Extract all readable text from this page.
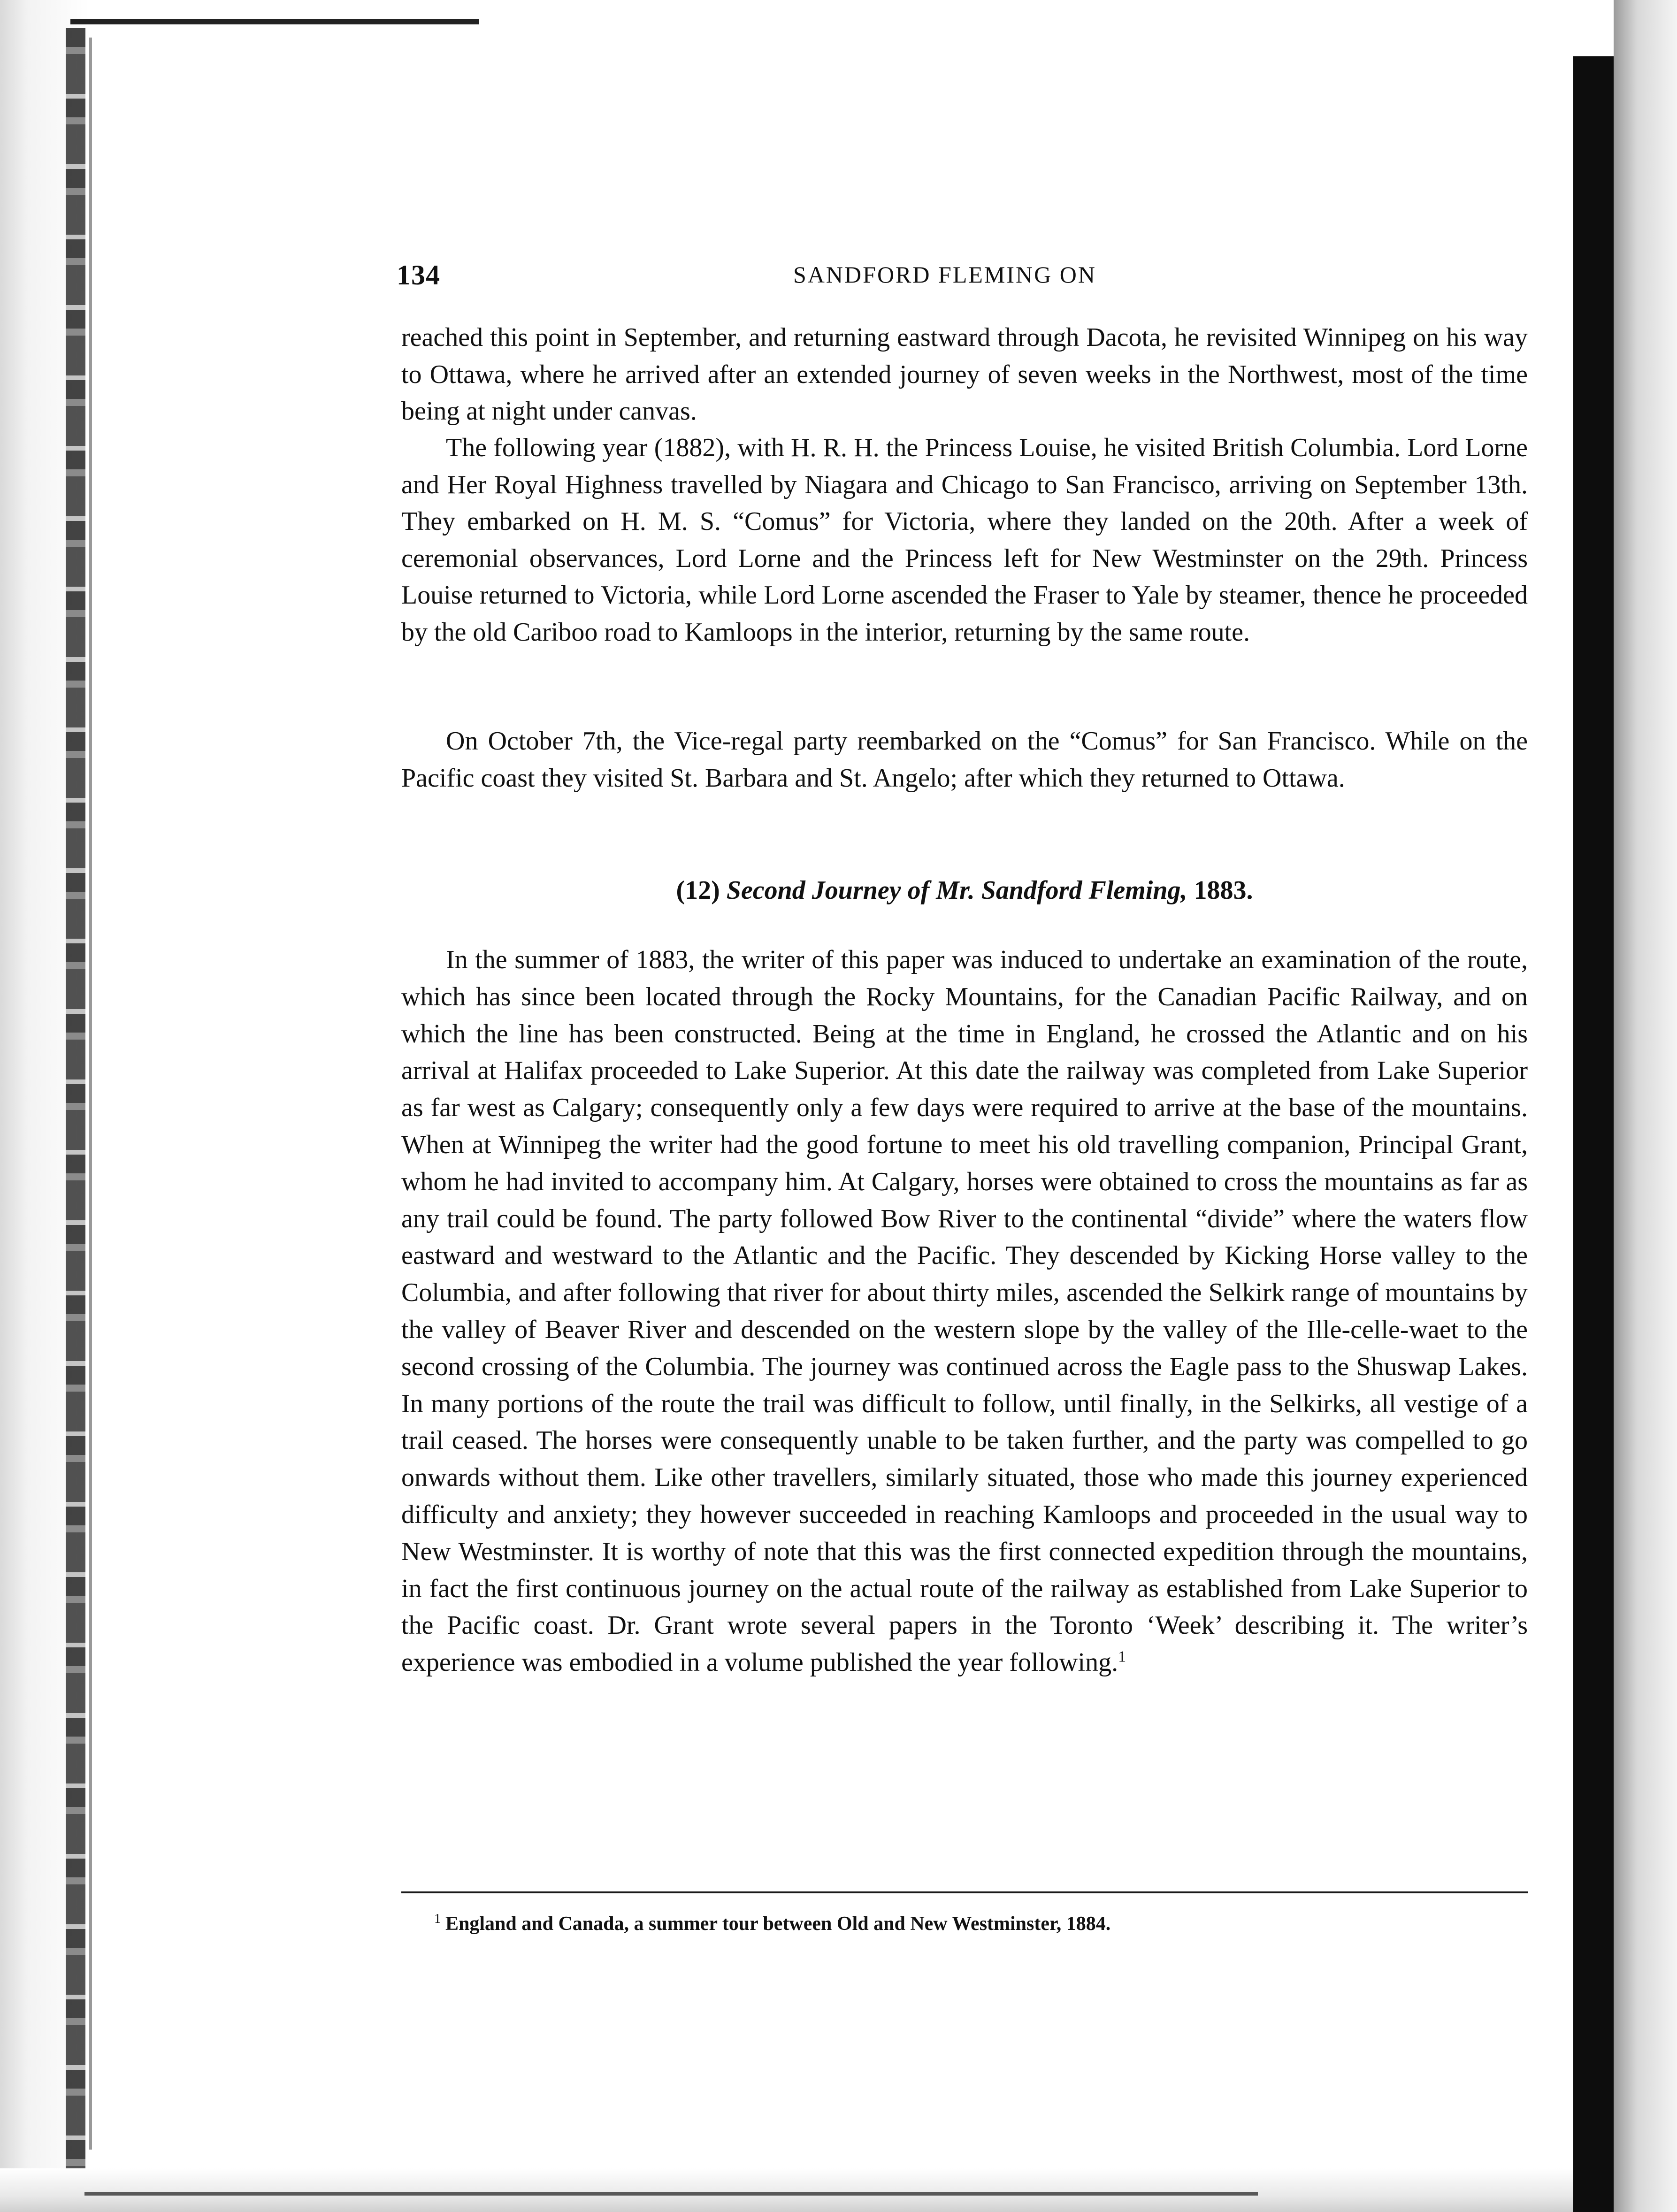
134	SANDFORD FLEMING ON

reached this point in September, and returning eastward through Dacota, he revisited Winnipeg on his way to Ottawa, where he arrived after an extended journey of seven weeks in the Northwest, most of the time being at night under canvas.

The following year (1882), with H. R. H. the Princess Louise, he visited British Columbia. Lord Lorne and Her Royal Highness travelled by Niagara and Chicago to San Francisco, arriving on September 13th. They embarked on H. M. S. “Comus” for Victoria, where they landed on the 20th. After a week of ceremonial observances, Lord Lorne and the Princess left for New Westminster on the 29th. Princess Louise returned to Victoria, while Lord Lorne ascended the Fraser to Yale by steamer, thence he proceeded by the old Cariboo road to Kamloops in the interior, returning by the same route.

On October 7th, the Vice-regal party reembarked on the “Comus” for San Francisco. While on the Pacific coast they visited St. Barbara and St. Angelo; after which they returned to Ottawa.

(12) Second Journey of Mr. Sandford Fleming, 1883.

In the summer of 1883, the writer of this paper was induced to undertake an examination of the route, which has since been located through the Rocky Mountains, for the Canadian Pacific Railway, and on which the line has been constructed. Being at the time in England, he crossed the Atlantic and on his arrival at Halifax proceeded to Lake Superior. At this date the railway was completed from Lake Superior as far west as Calgary; consequently only a few days were required to arrive at the base of the mountains. When at Winnipeg the writer had the good fortune to meet his old travelling companion, Principal Grant, whom he had invited to accompany him. At Calgary, horses were obtained to cross the mountains as far as any trail could be found. The party followed Bow River to the continental “divide” where the waters flow eastward and westward to the Atlantic and the Pacific. They descended by Kicking Horse valley to the Columbia, and after following that river for about thirty miles, ascended the Selkirk range of mountains by the valley of Beaver River and descended on the western slope by the valley of the Ille-celle-waet to the second crossing of the Columbia. The journey was continued across the Eagle pass to the Shuswap Lakes. In many portions of the route the trail was difficult to follow, until finally, in the Selkirks, all vestige of a trail ceased. The horses were consequently unable to be taken further, and the party was compelled to go onwards without them. Like other travellers, similarly situated, those who made this journey experienced difficulty and anxiety; they however succeeded in reaching Kamloops and proceeded in the usual way to New Westminster. It is worthy of note that this was the first connected expedition through the mountains, in fact the first continuous journey on the actual route of the railway as established from Lake Superior to the Pacific coast. Dr. Grant wrote several papers in the Toronto ‘Week’ describing it. The writer’s experience was embodied in a volume published the year following.$^1$

$^1$ England and Canada, a summer tour between Old and New Westminster, 1884.
